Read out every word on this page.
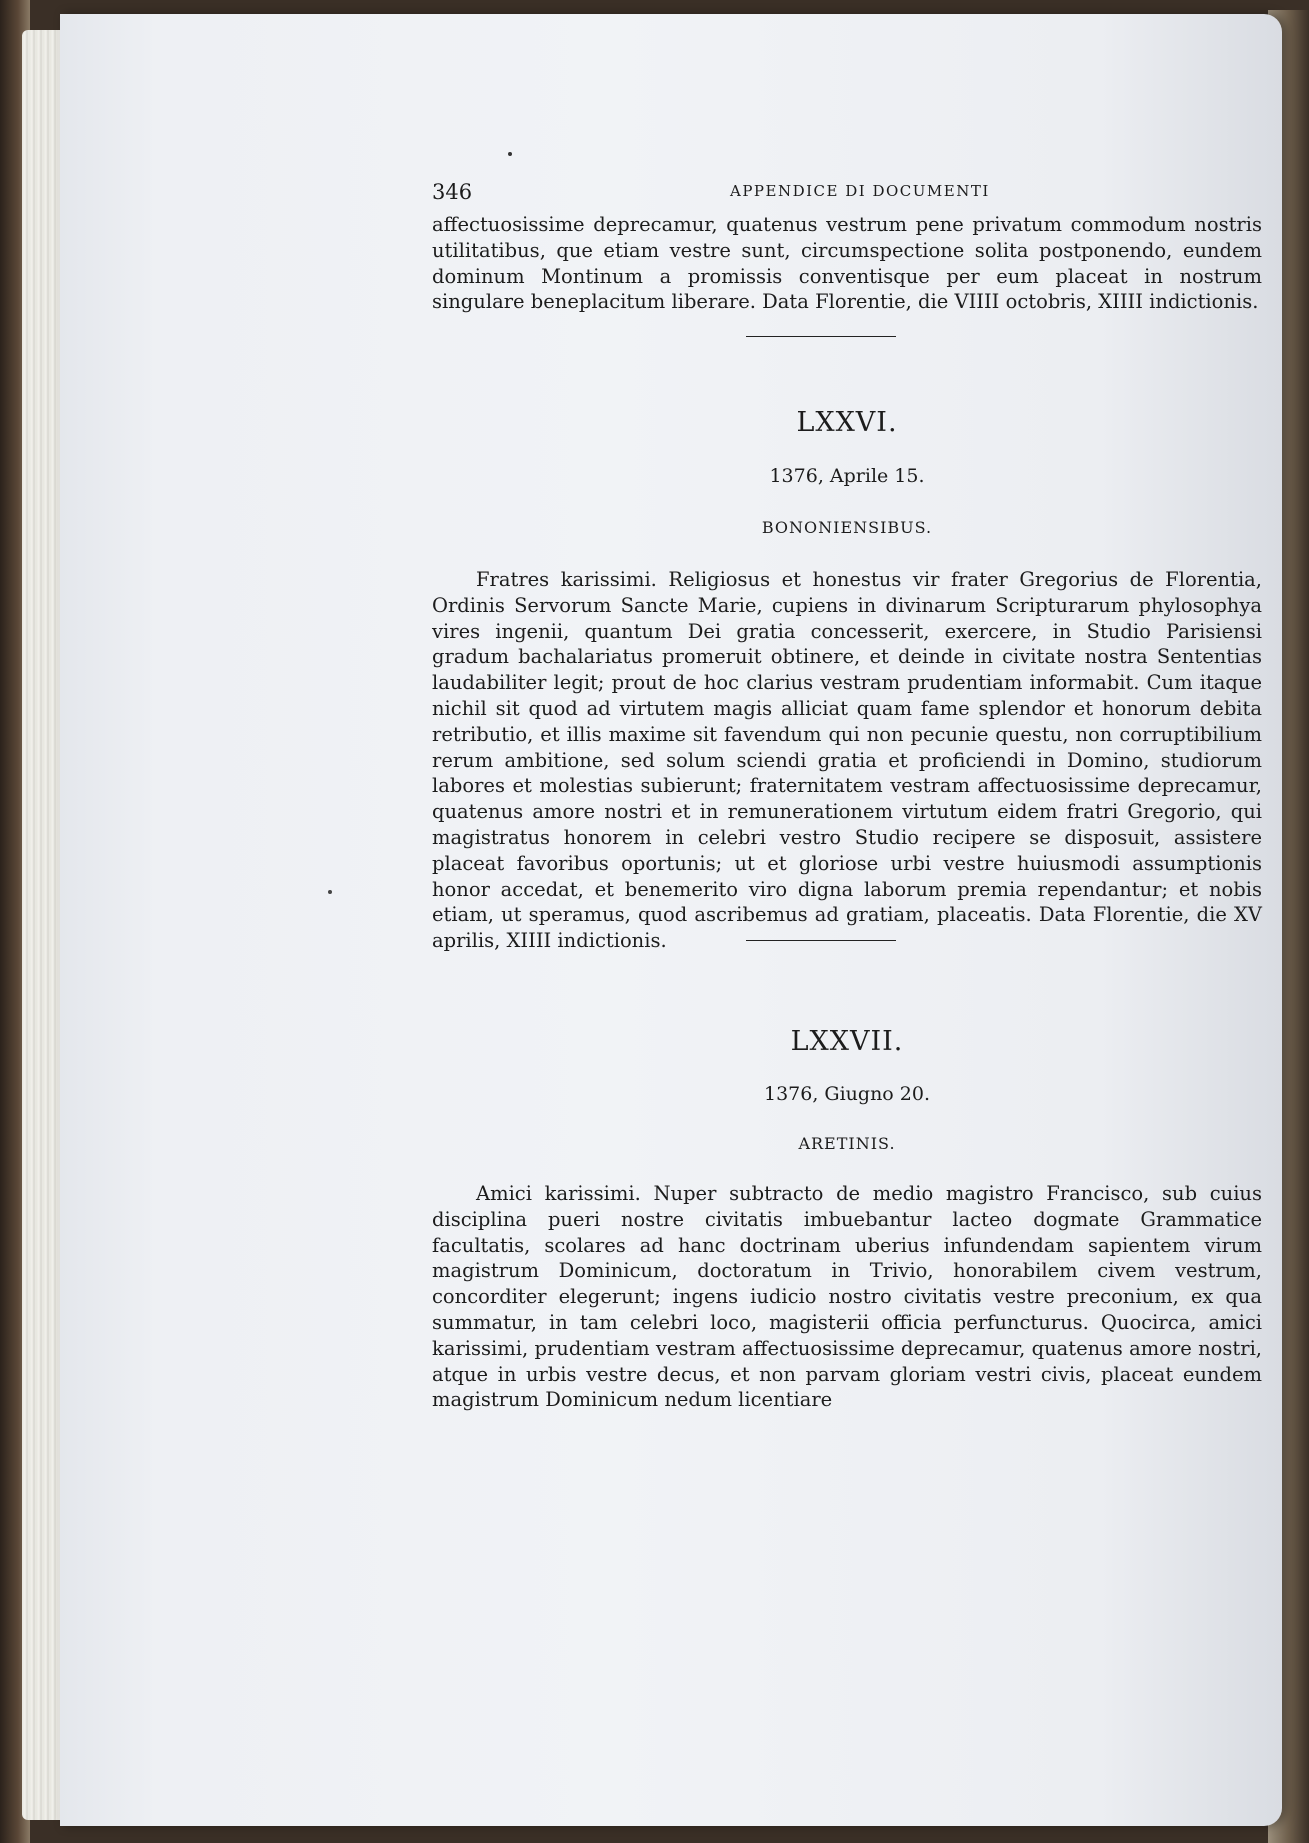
346	APPENDICE DI DOCUMENTI

affectuosissime deprecamur, quatenus vestrum pene privatum commodum nostris utilitatibus, que etiam vestre sunt, circumspectione solita postponendo, eundem dominum Montinum a promissis conventisque per eum placeat in nostrum singulare beneplacitum liberare. Data Florentie, die VIIII octobris, XIIII indictionis.

LXXVI.
1376, Aprile 15.
BONONIENSIBUS.

Fratres karissimi. Religiosus et honestus vir frater Gregorius de Florentia, Ordinis Servorum Sancte Marie, cupiens in divinarum Scripturarum phylosophya vires ingenii, quantum Dei gratia concesserit, exercere, in Studio Parisiensi gradum bachalariatus promeruit obtinere, et deinde in civitate nostra Sententias laudabiliter legit; prout de hoc clarius vestram prudentiam informabit. Cum itaque nichil sit quod ad virtutem magis alliciat quam fame splendor et honorum debita retributio, et illis maxime sit favendum qui non pecunie questu, non corruptibilium rerum ambitione, sed solum sciendi gratia et proficiendi in Domino, studiorum labores et molestias subierunt; fraternitatem vestram affectuosissime deprecamur, quatenus amore nostri et in remunerationem virtutum eidem fratri Gregorio, qui magistratus honorem in celebri vestro Studio recipere se disposuit, assistere placeat favoribus oportunis; ut et gloriose urbi vestre huiusmodi assumptionis honor accedat, et benemerito viro digna laborum premia rependantur; et nobis etiam, ut speramus, quod ascribemus ad gratiam, placeatis. Data Florentie, die XV aprilis, XIIII indictionis.

LXXVII.
1376, Giugno 20.
ARETINIS.

Amici karissimi. Nuper subtracto de medio magistro Francisco, sub cuius disciplina pueri nostre civitatis imbuebantur lacteo dogmate Grammatice facultatis, scolares ad hanc doctrinam uberius infundendam sapientem virum magistrum Dominicum, doctoratum in Trivio, honorabilem civem vestrum, concorditer elegerunt; ingens iudicio nostro civitatis vestre preconium, ex qua summatur, in tam celebri loco, magisterii officia perfuncturus. Quocirca, amici karissimi, prudentiam vestram affectuosissime deprecamur, quatenus amore nostri, atque in urbis vestre decus, et non parvam gloriam vestri civis, placeat eundem magistrum Dominicum nedum licentiare
